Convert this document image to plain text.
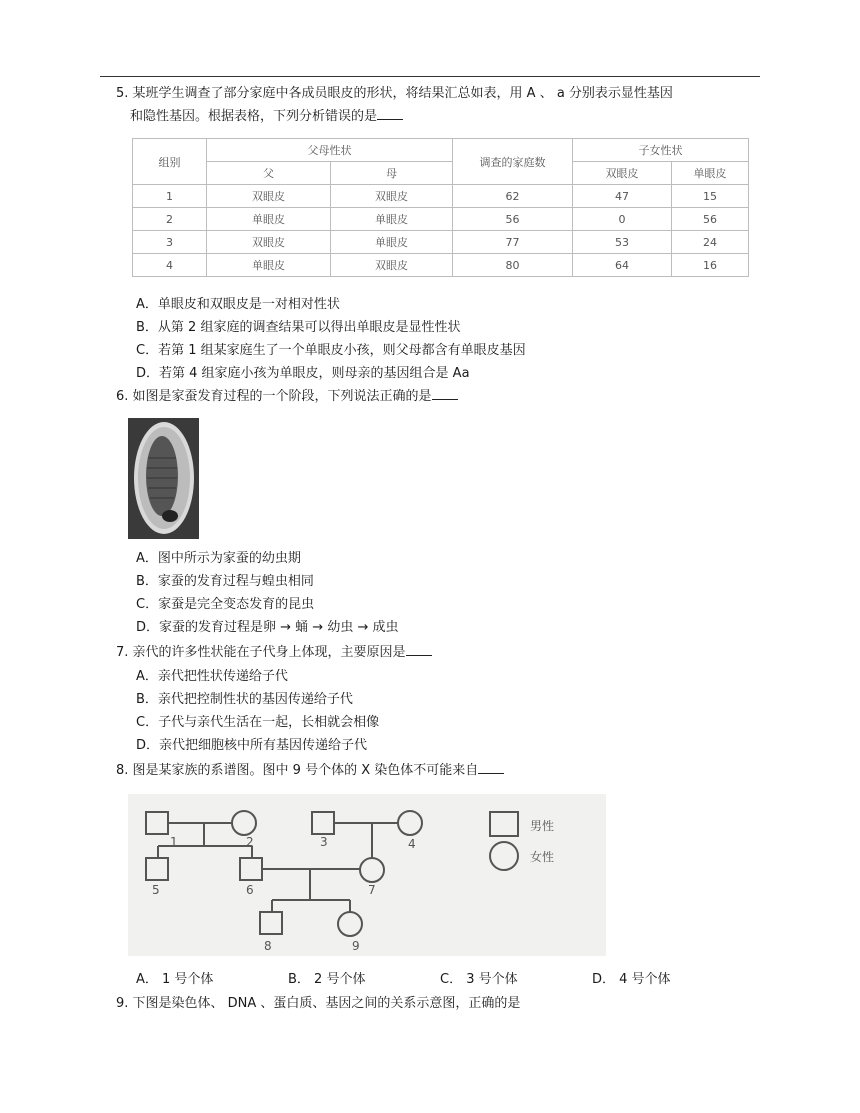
5. 某班学生调查了部分家庭中各成员眼皮的形状，将结果汇总如表，用 A 、 a 分别表示显性基因
和隐性基因。根据表格，下列分析错误的是
组别	父母性状		调查的家庭数	子女性状	
	父	母		双眼皮	单眼皮
1	双眼皮	双眼皮	62	47	15
2	单眼皮	单眼皮	56	0	56
3	双眼皮	单眼皮	77	53	24
4	单眼皮	双眼皮	80	64	16
A．单眼皮和双眼皮是一对相对性状
B．从第 2 组家庭的调查结果可以得出单眼皮是显性性状
C．若第 1 组某家庭生了一个单眼皮小孩，则父母都含有单眼皮基因
D．若第 4 组家庭小孩为单眼皮，则母亲的基因组合是 Aa
6. 如图是家蚕发育过程的一个阶段，下列说法正确的是
A．图中所示为家蚕的幼虫期
B．家蚕的发育过程与蝗虫相同
C．家蚕是完全变态发育的昆虫
D．家蚕的发育过程是卵 → 蛹 → 幼虫 → 成虫
7. 亲代的许多性状能在子代身上体现，主要原因是
A．亲代把性状传递给子代
B．亲代把控制性状的基因传递给子代
C．子代与亲代生活在一起，长相就会相像
D．亲代把细胞核中所有基因传递给子代
8. 图是某家族的系谱图。图中 9 号个体的 X 染色体不可能来自
1	2	3	4
5	6	7
8	9
男性
女性
A． 1 号个体	B． 2 号个体	C． 3 号个体	D． 4 号个体
9. 下图是染色体、 DNA 、蛋白质、基因之间的关系示意图，正确的是
